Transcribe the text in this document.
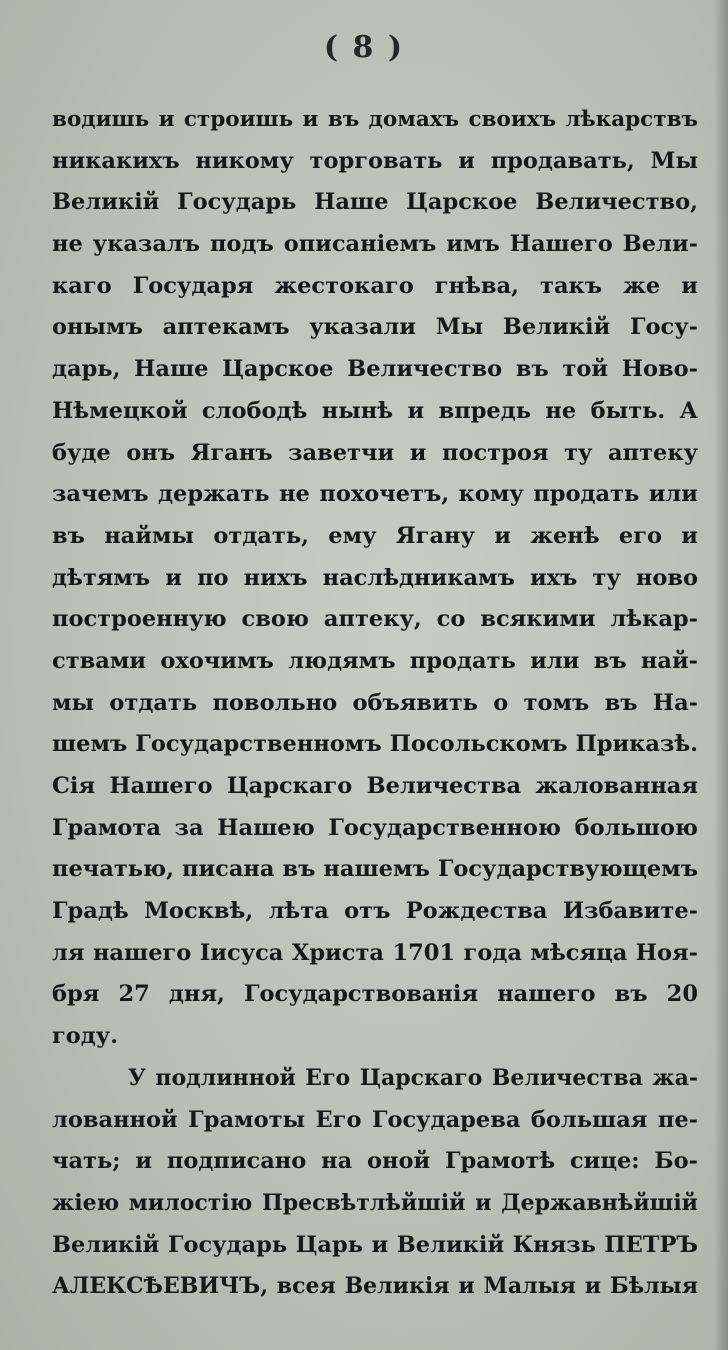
( 8 )
водишь и строишь и въ домахъ своихъ лѣкарствъ
никакихъ никому торговать и продавать, Мы
Великій Государь Наше Царское Величество,
не указалъ подъ описаніемъ имъ Нашего Вели-
каго Государя жестокаго гнѣва, такъ же и
онымъ аптекамъ указали Мы Великій Госу-
дарь, Наше Царское Величество въ той Ново-
Нѣмецкой слободѣ нынѣ и впредь не быть. А
буде онъ Яганъ заветчи и построя ту аптеку
зачемъ держать не похочетъ, кому продать или
въ наймы отдать, ему Ягану и женѣ его и
дѣтямъ и по нихъ наслѣдникамъ ихъ ту ново
построенную свою аптеку, со всякими лѣкар-
ствами охочимъ людямъ продать или въ най-
мы отдать повольно объявить о томъ въ На-
шемъ Государственномъ Посольскомъ Приказѣ.
Сія Нашего Царскаго Величества жалованная
Грамота за Нашею Государственною большою
печатью, писана въ нашемъ Государствующемъ
Градѣ Москвѣ, лѣта отъ Рождества Избавите-
ля нашего Іисуса Христа 1701 года мѣсяца Ноя-
бря 27 дня, Государствованія нашего въ 20
году.
У подлинной Его Царскаго Величества жа-
лованной Грамоты Его Государева большая пе-
чать; и подписано на оной Грамотѣ сице: Бо-
жіею милостію Пресвѣтлѣйшій и Державнѣйшій
Великій Государь Царь и Великій Князь ПЕТРЪ
АЛЕКСѢЕВИЧЪ, всея Великія и Малыя и Бѣлыя
